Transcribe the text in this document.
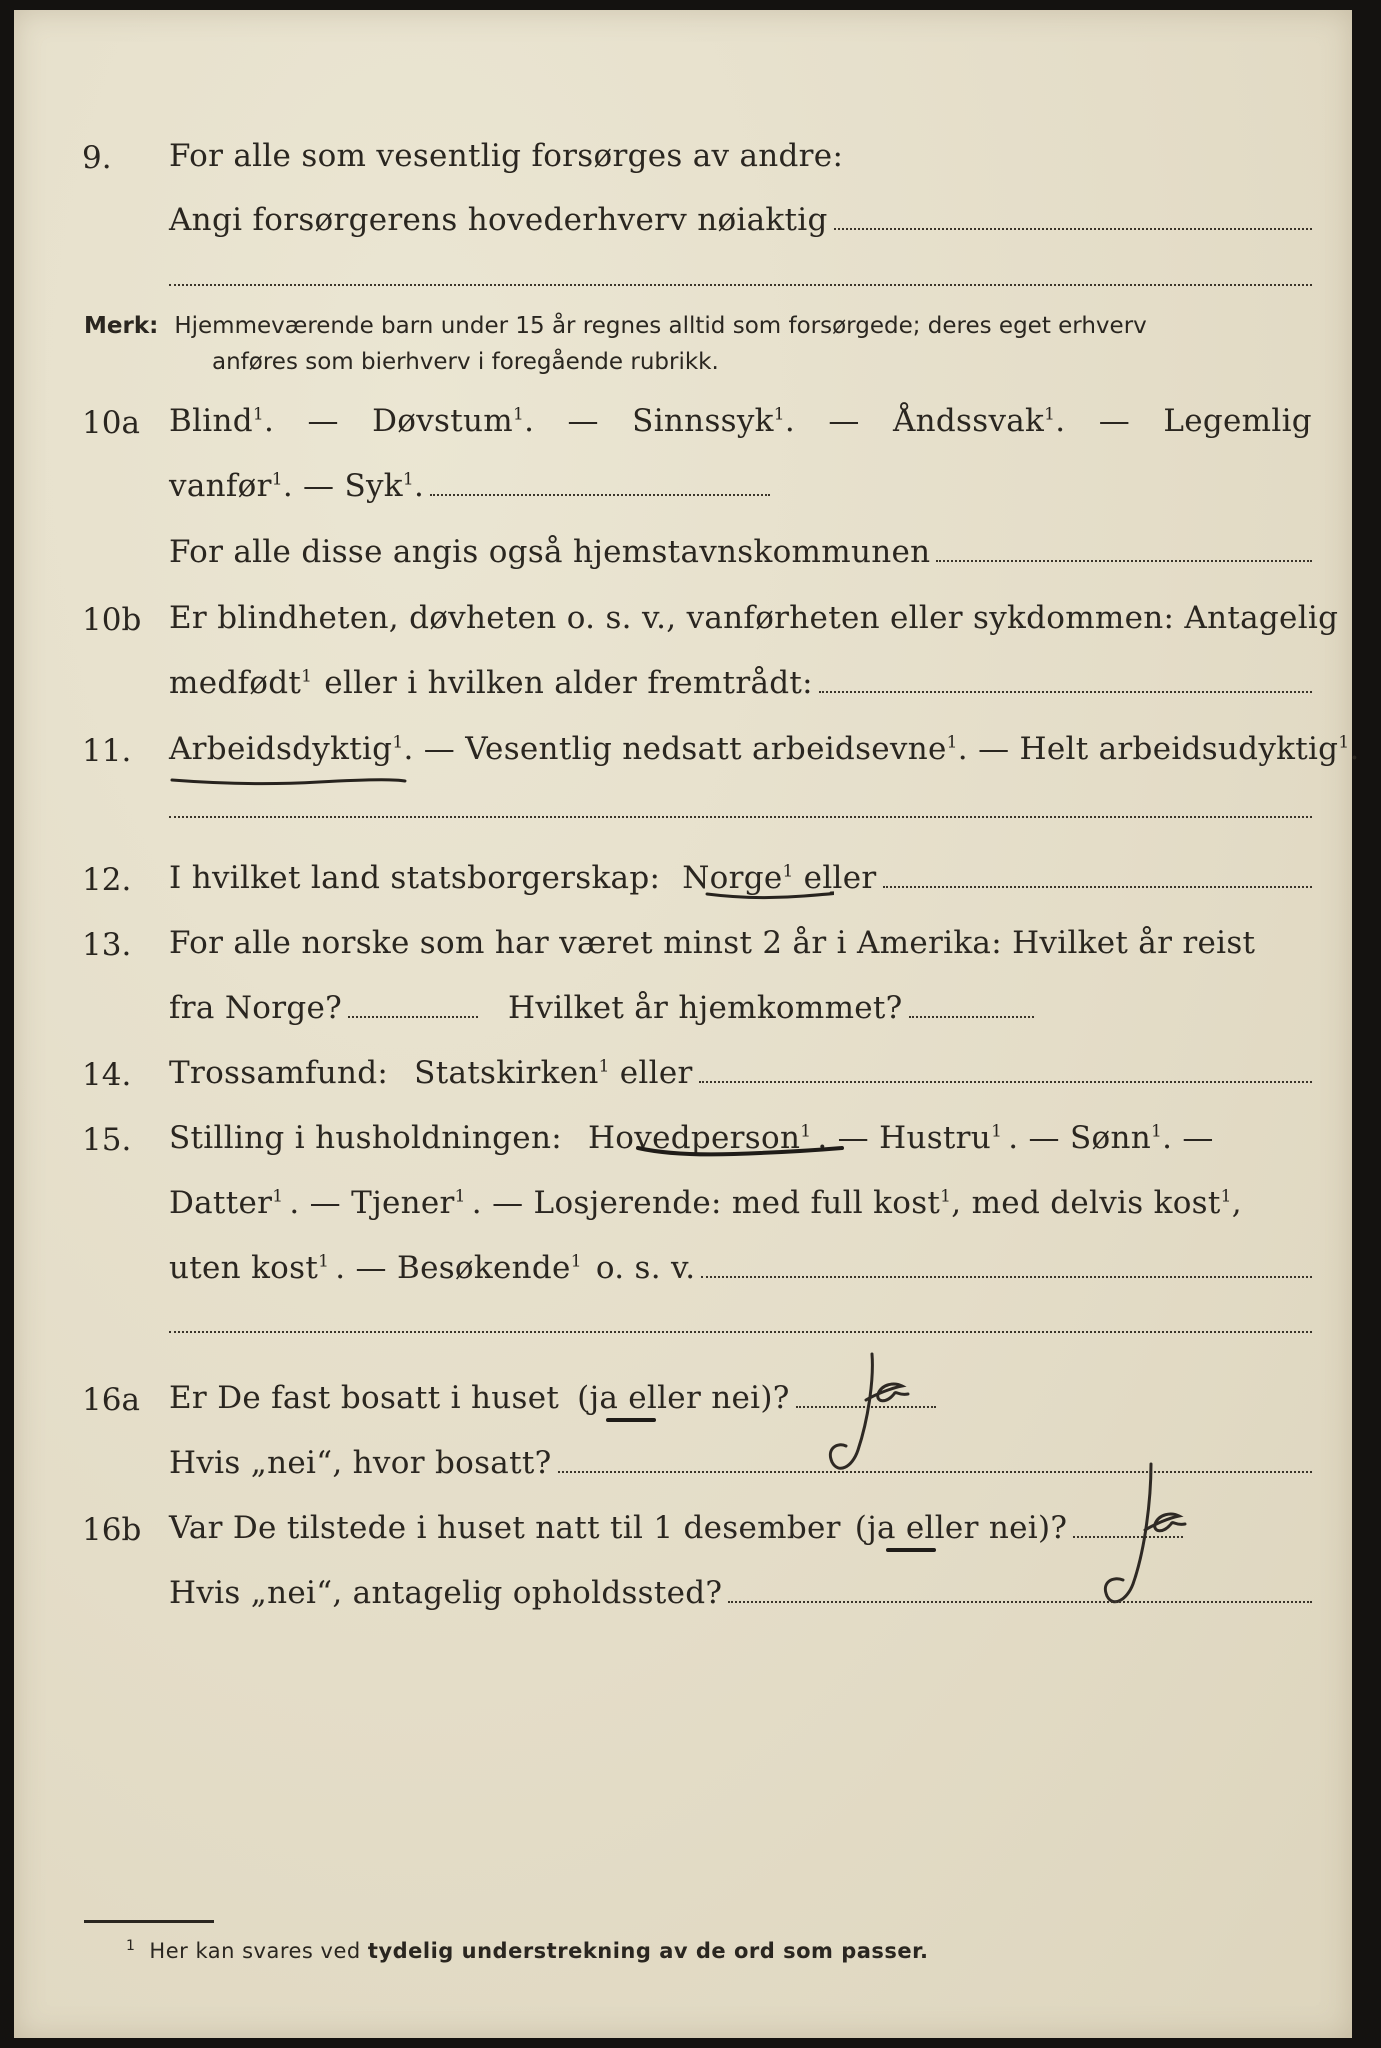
9. For alle som vesentlig forsørges av andre:
Angi forsørgerens hovederhverv nøiaktig
Merk: Hjemmeværende barn under 15 år regnes alltid som forsørgede; deres eget erhverv
anføres som bierhverv i foregående rubrikk.
10a Blind$^1$. — Døvstum$^1$. — Sinnssyk$^1$. — Åndssvak$^1$. — Legemlig
vanfør$^1$. — Syk$^1$.
For alle disse angis også hjemstavnskommunen
10b Er blindheten, døvheten o. s. v., vanførheten eller sykdommen: Antagelig
medfødt$^1$ eller i hvilken alder fremtrådt:
11. Arbeidsdyktig$^1$ . — Vesentlig nedsatt arbeidsevne$^1$ . — Helt arbeidsudyktig$^1$.
12. I hvilket land statsborgerskap: Norge$^1$ eller
13. For alle norske som har været minst 2 år i Amerika: Hvilket år reist
fra Norge?	Hvilket år hjemkommet?
14. Trossamfund: Statskirken$^1$ eller
15. Stilling i husholdningen: Hovedperson$^1$ . — Hustru$^1$ . — Sønn$^1$ . —
Datter$^1$ . — Tjener$^1$ . — Losjerende: med full kost$^1$ , med delvis kost$^1$,
uten kost$^1$ . — Besøkende$^1$ o. s. v.
16a Er De fast bosatt i huset (ja eller nei)?
Hvis „nei“, hvor bosatt?
16b Var De tilstede i huset natt til 1 desember (ja eller nei)?
Hvis „nei“, antagelig opholdssted?
$^1$ Her kan svares ved tydelig understrekning av de ord som passer.
